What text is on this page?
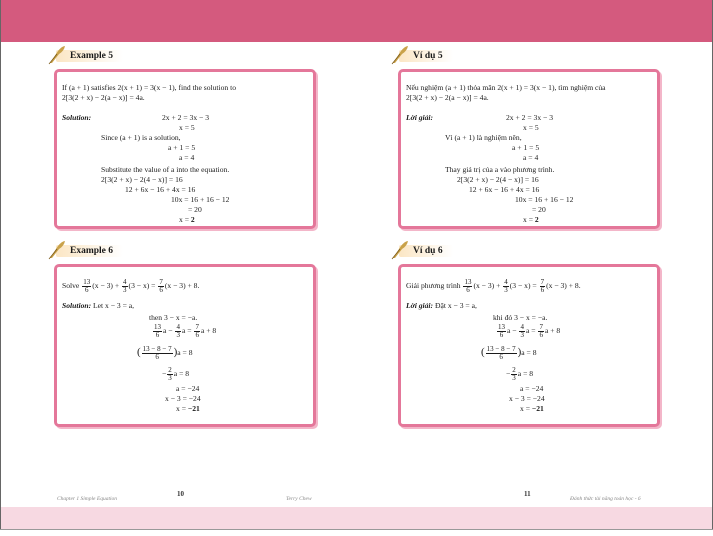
Example 5
If (a + 1) satisfies 2(x + 1) = 3(x − 1), find the solution to
2[3(2 + x) − 2(a − x)] = 4a.
Solution:	2x + 2 = 3x − 3
x = 5
Since (a + 1) is a solution,
a + 1 = 5
a = 4
Substitute the value of a into the equation.
2[3(2 + x) − 2(4 − x)] = 16
12 + 6x − 16 + 4x = 16
10x = 16 + 16 − 12
= 20
x = 2
Example 6
Solve $\frac{13}{6} (x - 3) + \frac{4}{3} (3 - x) = \frac{7}{6} (x - 3) + 8$.
Solution: Let x − 3 = a,
then 3 − x = −a.
$\frac{13}{6}$ $a - \frac{4}{3}$ $a = \frac{7}{6}$ a + 8
( $\frac{13 - 8 - 7}{6} )a = 8$
− $\frac{2}{3}$ a = 8
a = −24
x − 3 = −24
x = −21
Chapter 1 Simple Equation
10
Terry Chew
Ví dụ 5
Nếu nghiệm (a + 1) thỏa mãn 2(x + 1) = 3(x − 1), tìm nghiệm của
2[3(2 + x) − 2(a − x)] = 4a.
Lời giải:	2x + 2 = 3x − 3
x = 5
Vì (a + 1) là nghiệm nên,
a + 1 = 5
a = 4
Thay giá trị của a vào phương trình.
2[3(2 + x) − 2(4 − x)] = 16
12 + 6x − 16 + 4x = 16
10x = 16 + 16 − 12
= 20
x = 2
Ví dụ 6
Giải phương trình $\frac{13}{6} (x - 3) + \frac{4}{3} (3 - x) = \frac{7}{6} (x - 3) + 8$.
Lời giải: Đặt x − 3 = a,
khi đó 3 − x = −a.
$\frac{13}{6}$ $a - \frac{4}{3}$ $a = \frac{7}{6}$ a + 8
( $\frac{13 - 8 - 7}{6} )a = 8$
− $\frac{2}{3}$ a = 8
a = −24
x − 3 = −24
x = −21
11
Đánh thức tài năng toán học - 6
